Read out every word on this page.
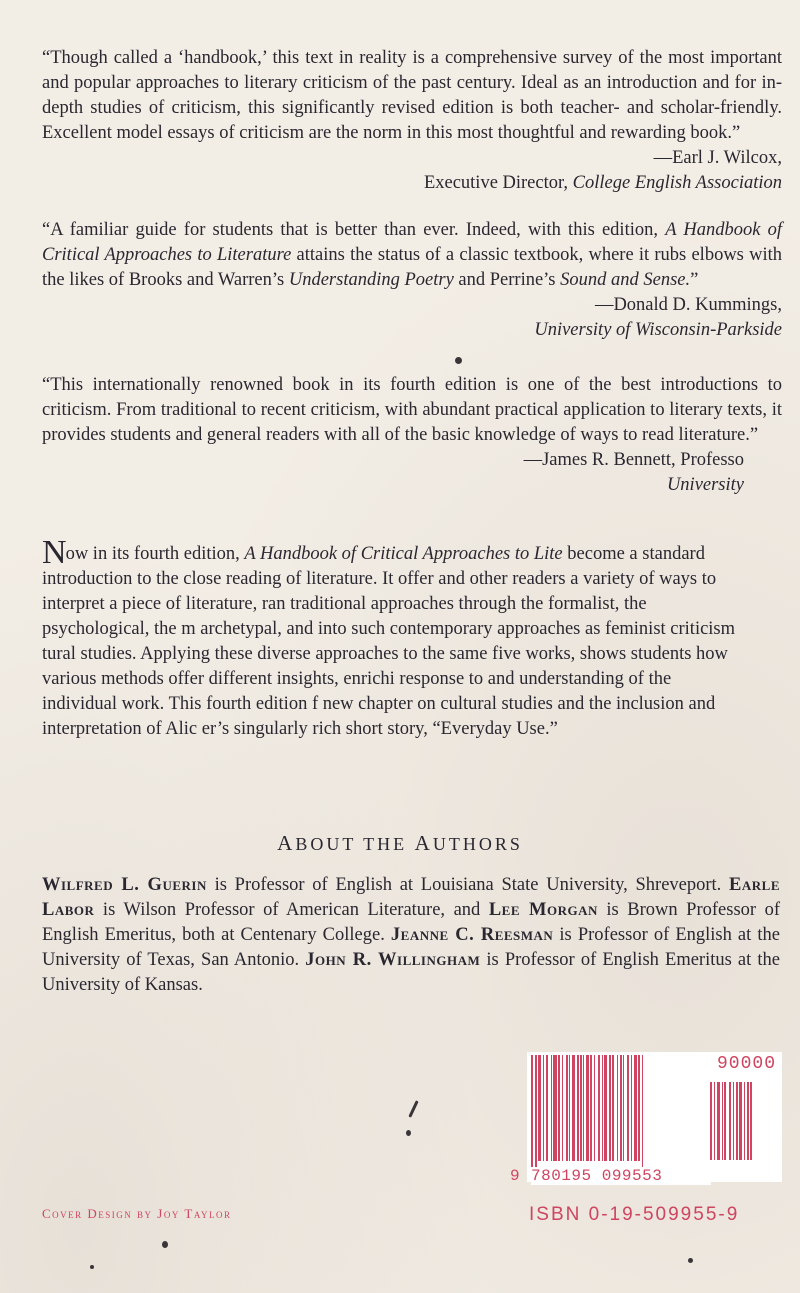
“Though called a ‘handbook,’ this text in reality is a comprehensive survey of the most important and popular approaches to literary criticism of the past century. Ideal as an introduction and for in-depth studies of criticism, this significantly revised edition is both teacher- and scholar-friendly. Excellent model essays of criticism are the norm in this most thoughtful and rewarding book.”

—Earl J. Wilcox,
Executive Director, College English Association

“A familiar guide for students that is better than ever. Indeed, with this edition, A Handbook of Critical Approaches to Literature attains the status of a classic textbook, where it rubs elbows with the likes of Brooks and Warren’s Understanding Poetry and Perrine’s Sound and Sense.”

—Donald D. Kummings,
University of Wisconsin-Parkside

“This internationally renowned book in its fourth edition is one of the best introductions to criticism. From traditional to recent criticism, with abundant practical application to literary texts, it provides students and general readers with all of the basic knowledge of ways to read literature.”

—James R. Bennett, Professo
University

Now in its fourth edition, A Handbook of Critical Approaches to Lite become a standard introduction to the close reading of literature. It offer and other readers a variety of ways to interpret a piece of literature, ran traditional approaches through the formalist, the psychological, the m archetypal, and into such contemporary approaches as feminist criticism tural studies. Applying these diverse approaches to the same five works, shows students how various methods offer different insights, enrichi response to and understanding of the individual work. This fourth edition f new chapter on cultural studies and the inclusion and interpretation of Alic er’s singularly rich short story, “Everyday Use.”

ABOUT THE AUTHORS

Wilfred L. Guerin is Professor of English at Louisiana State University, Shreveport. Earle Labor is Wilson Professor of American Literature, and Lee Morgan is Brown Professor of English Emeritus, both at Centenary College. Jeanne C. Reesman is Professor of English at the University of Texas, San Antonio. John R. Willingham is Professor of English Emeritus at the University of Kansas.

90000
9 780195 099553
ISBN 0-19-509955-9
Cover Design by Joy Taylor
